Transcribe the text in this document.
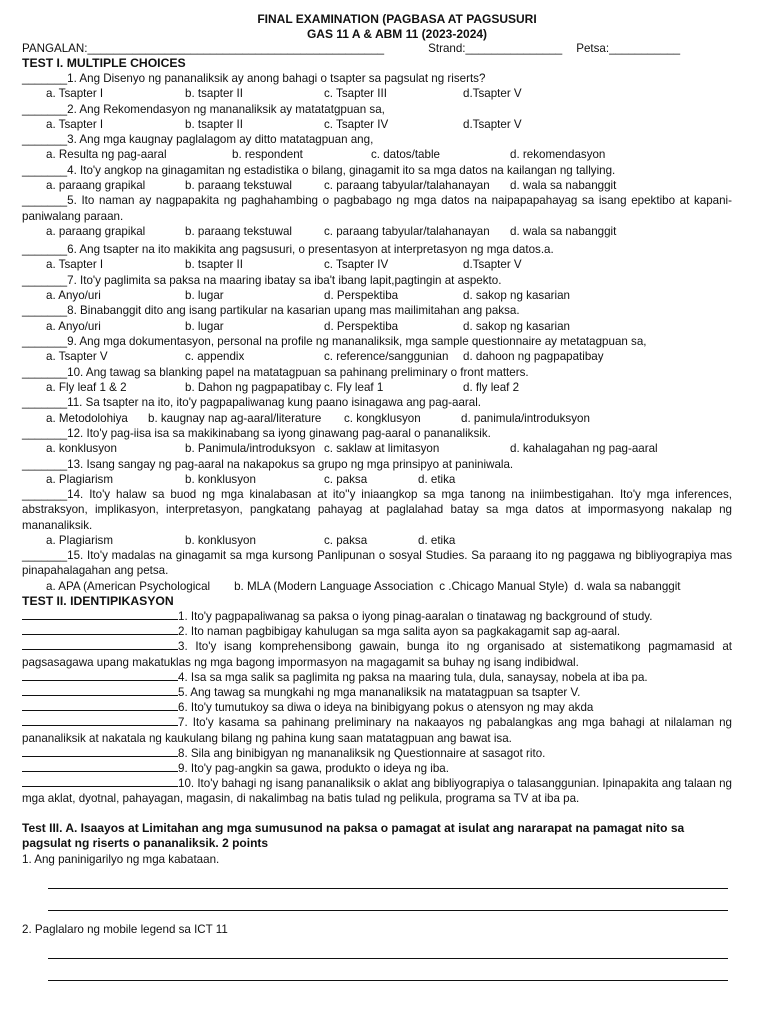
FINAL EXAMINATION (PAGBASA AT PAGSUSURI
GAS 11 A & ABM 11 (2023-2024)
PANGALAN: ______________________________________________	Strand: _______________ Petsa: ___________
TEST I. MULTIPLE CHOICES
_______1. Ang Disenyo ng pananaliksik ay anong bahagi o tsapter sa pagsulat ng riserts?
a. Tsapter I	b. tsapter II	c. Tsapter III	d.Tsapter V
_______2. Ang Rekomendasyon ng mananaliksik ay matatatgpuan sa,
a. Tsapter I	b. tsapter II	c. Tsapter IV	d.Tsapter V
_______3. Ang mga kaugnay paglalagom ay ditto matatagpuan ang,
a. Resulta ng pag-aaral	b. respondent	c. datos/table	d. rekomendasyon
_______4. Ito'y angkop na ginagamitan ng estadistika o bilang, ginagamit ito sa mga datos na kailangan ng tallying.
a. paraang grapikal	b. paraang tekstuwal	c. paraang tabyular/talahanayan	d. wala sa nabanggit
_______5. Ito naman ay nagpapakita ng paghahambing o pagbabago ng mga datos na naipapapahayag sa isang epektibo at kapani-paniwalang paraan.
a. paraang grapikal	b. paraang tekstuwal	c. paraang tabyular/talahanayan	d. wala sa nabanggit
_______6. Ang tsapter na ito makikita ang pagsusuri, o presentasyon at interpretasyon ng mga datos.a.
a. Tsapter I	b. tsapter II	c. Tsapter IV	d.Tsapter V
_______7. Ito'y paglimita sa paksa na maaring ibatay sa iba't ibang lapit,pagtingin at aspekto.
a. Anyo/uri	b. lugar	d. Perspektiba	d. sakop ng kasarian
_______8. Binabanggit dito ang isang partikular na kasarian upang mas mailimitahan ang paksa.
a. Anyo/uri	b. lugar	d. Perspektiba	d. sakop ng kasarian
_______9. Ang mga dokumentasyon, personal na profile ng mananaliksik, mga sample questionnaire ay metatagpuan sa,
a. Tsapter V	c. appendix	c. reference/sanggunian	d. dahoon ng pagpapatibay
_______10. Ang tawag sa blanking papel na matatagpuan sa pahinang preliminary o front matters.
a. Fly leaf 1 & 2	b. Dahon ng pagpapatibay c. Fly leaf 1	d. fly leaf 2
_______11. Sa tsapter na ito, ito'y pagpapaliwanag kung paano isinagawa ang pag-aaral.
a. Metodolohiya	b. kaugnay nap ag-aaral/literature	c. kongklusyon	d. panimula/introduksyon
_______12. Ito'y pag-iisa isa sa makikinabang sa iyong ginawang pag-aaral o pananaliksik.
a. konklusyon	b. Panimula/introduksyon c. saklaw at limitasyon	d. kahalagahan ng pag-aaral
_______13. Isang sangay ng pag-aaral na nakapokus sa grupo ng mga prinsipyo at paniniwala.
a. Plagiarism	b. konklusyon	c. paksa	d. etika
_______14. Ito'y halaw sa buod ng mga kinalabasan at ito''y iniaangkop sa mga tanong na iniimbestigahan. Ito'y mga inferences, abstraksyon, implikasyon, interpretasyon, pangkatang pahayag at paglalahad batay sa mga datos at impormasyong nakalap ng mananaliksik.
a. Plagiarism	b. konklusyon	c. paksa	d. etika
_______15. Ito'y madalas na ginagamit sa mga kursong Panlipunan o sosyal Studies. Sa paraang ito ng paggawa ng bibliyograpiya mas pinapahalagahan ang petsa.
a. APA (American Psychological b. MLA (Modern Language Association c .Chicago Manual Style) d. wala sa nabanggit
TEST II. IDENTIPIKASYON
1. Ito'y pagpapaliwanag sa paksa o iyong pinag-aaralan o tinatawag ng background of study.
2. Ito naman pagbibigay kahulugan sa mga salita ayon sa pagkakagamit sap ag-aaral.
3. Ito'y isang komprehensibong gawain, bunga ito ng organisado at sistematikong pagmamasid at pagsasagawa upang makatuklas ng mga bagong impormasyon na magagamit sa buhay ng isang indibidwal.
4. Isa sa mga salik sa paglimita ng paksa na maaring tula, dula, sanaysay, nobela at iba pa.
5. Ang tawag sa mungkahi ng mga mananaliksik na matatagpuan sa tsapter V.
6. Ito'y tumutukoy sa diwa o ideya na binibigyang pokus o atensyon ng may akda
7. Ito'y kasama sa pahinang preliminary na nakaayos ng pabalangkas ang mga bahagi at nilalaman ng pananaliksik at nakatala ng kaukulang bilang ng pahina kung saan matatagpuan ang bawat isa.
8. Sila ang binibigyan ng mananaliksik ng Questionnaire at sasagot rito.
9. Ito'y pag-angkin sa gawa, produkto o ideya ng iba.
10. Ito'y bahagi ng isang pananaliksik o aklat ang bibliyograpiya o talasanggunian. Ipinapakita ang talaan ng mga aklat, dyotnal, pahayagan, magasin, di nakalimbag na batis tulad ng pelikula, programa sa TV at iba pa.
Test III. A. Isaayos at Limitahan ang mga sumusunod na paksa o pamagat at isulat ang nararapat na pamagat nito sa pagsulat ng riserts o pananaliksik. 2 points
1. Ang paninigarilyo ng mga kabataan.
2. Paglalaro ng mobile legend sa ICT 11
